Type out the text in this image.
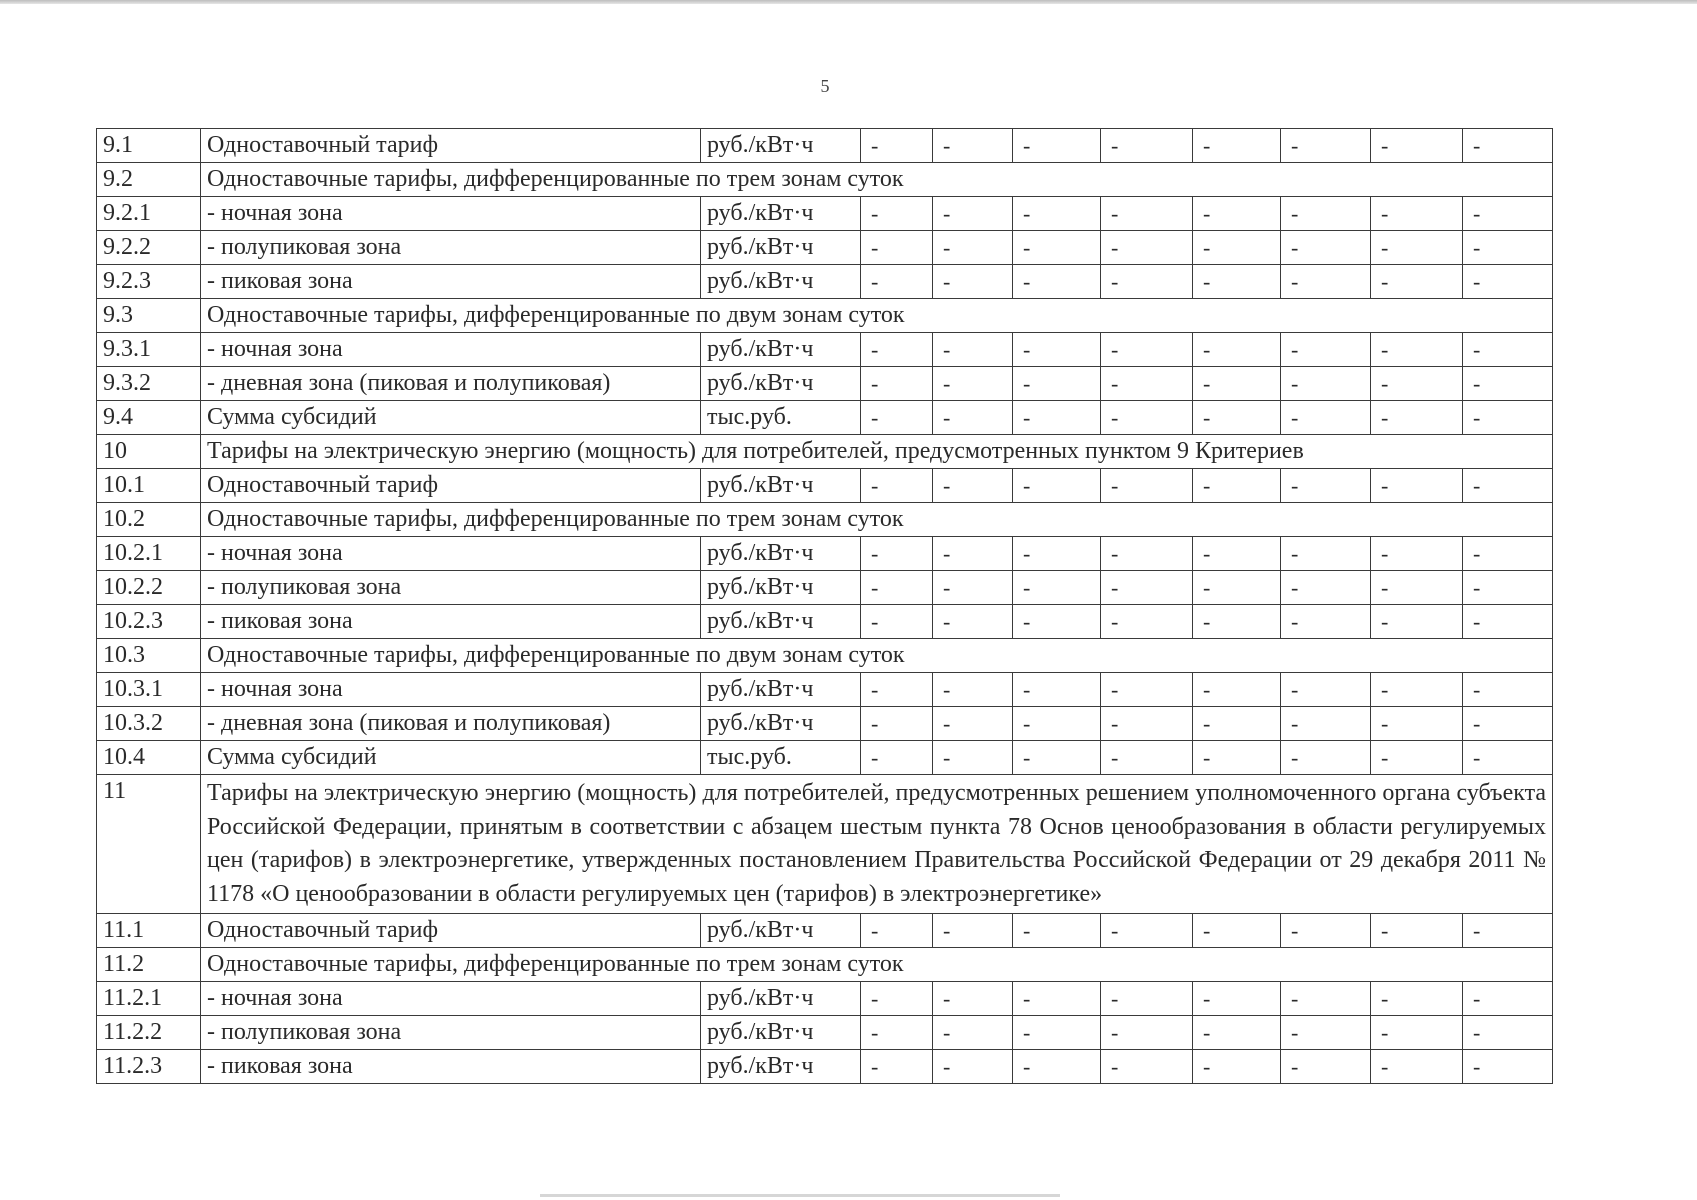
5
9.1	Одноставочный тариф	руб./кВт·ч	-	-	-	-	-	-	-	-
9.2	Одноставочные тарифы, дифференцированные по трем зонам суток									
9.2.1	- ночная зона	руб./кВт·ч	-	-	-	-	-	-	-	-
9.2.2	- полупиковая зона	руб./кВт·ч	-	-	-	-	-	-	-	-
9.2.3	- пиковая зона	руб./кВт·ч	-	-	-	-	-	-	-	-
9.3	Одноставочные тарифы, дифференцированные по двум зонам суток									
9.3.1	- ночная зона	руб./кВт·ч	-	-	-	-	-	-	-	-
9.3.2	- дневная зона (пиковая и полупиковая)	руб./кВт·ч	-	-	-	-	-	-	-	-
9.4	Сумма субсидий	тыс.руб.	-	-	-	-	-	-	-	-
10	Тарифы на электрическую энергию (мощность) для потребителей, предусмотренных пунктом 9 Критериев									
10.1	Одноставочный тариф	руб./кВт·ч	-	-	-	-	-	-	-	-
10.2	Одноставочные тарифы, дифференцированные по трем зонам суток									
10.2.1	- ночная зона	руб./кВт·ч	-	-	-	-	-	-	-	-
10.2.2	- полупиковая зона	руб./кВт·ч	-	-	-	-	-	-	-	-
10.2.3	- пиковая зона	руб./кВт·ч	-	-	-	-	-	-	-	-
10.3	Одноставочные тарифы, дифференцированные по двум зонам суток									
10.3.1	- ночная зона	руб./кВт·ч	-	-	-	-	-	-	-	-
10.3.2	- дневная зона (пиковая и полупиковая)	руб./кВт·ч	-	-	-	-	-	-	-	-
10.4	Сумма субсидий	тыс.руб.	-	-	-	-	-	-	-	-
11	Тарифы на электрическую энергию (мощность) для потребителей, предусмотренных решением уполномоченного органа субъекта Российской Федерации, принятым в соответствии с абзацем шестым пункта 78 Основ ценообразования в области регулируемых цен (тарифов) в электроэнергетике, утвержденных постановлением Правительства Российской Федерации от 29 декабря 2011 № 1178 «О ценообразовании в области регулируемых цен (тарифов) в электроэнергетике»									
11.1	Одноставочный тариф	руб./кВт·ч	-	-	-	-	-	-	-	-
11.2	Одноставочные тарифы, дифференцированные по трем зонам суток									
11.2.1	- ночная зона	руб./кВт·ч	-	-	-	-	-	-	-	-
11.2.2	- полупиковая зона	руб./кВт·ч	-	-	-	-	-	-	-	-
11.2.3	- пиковая зона	руб./кВт·ч	-	-	-	-	-	-	-	-
